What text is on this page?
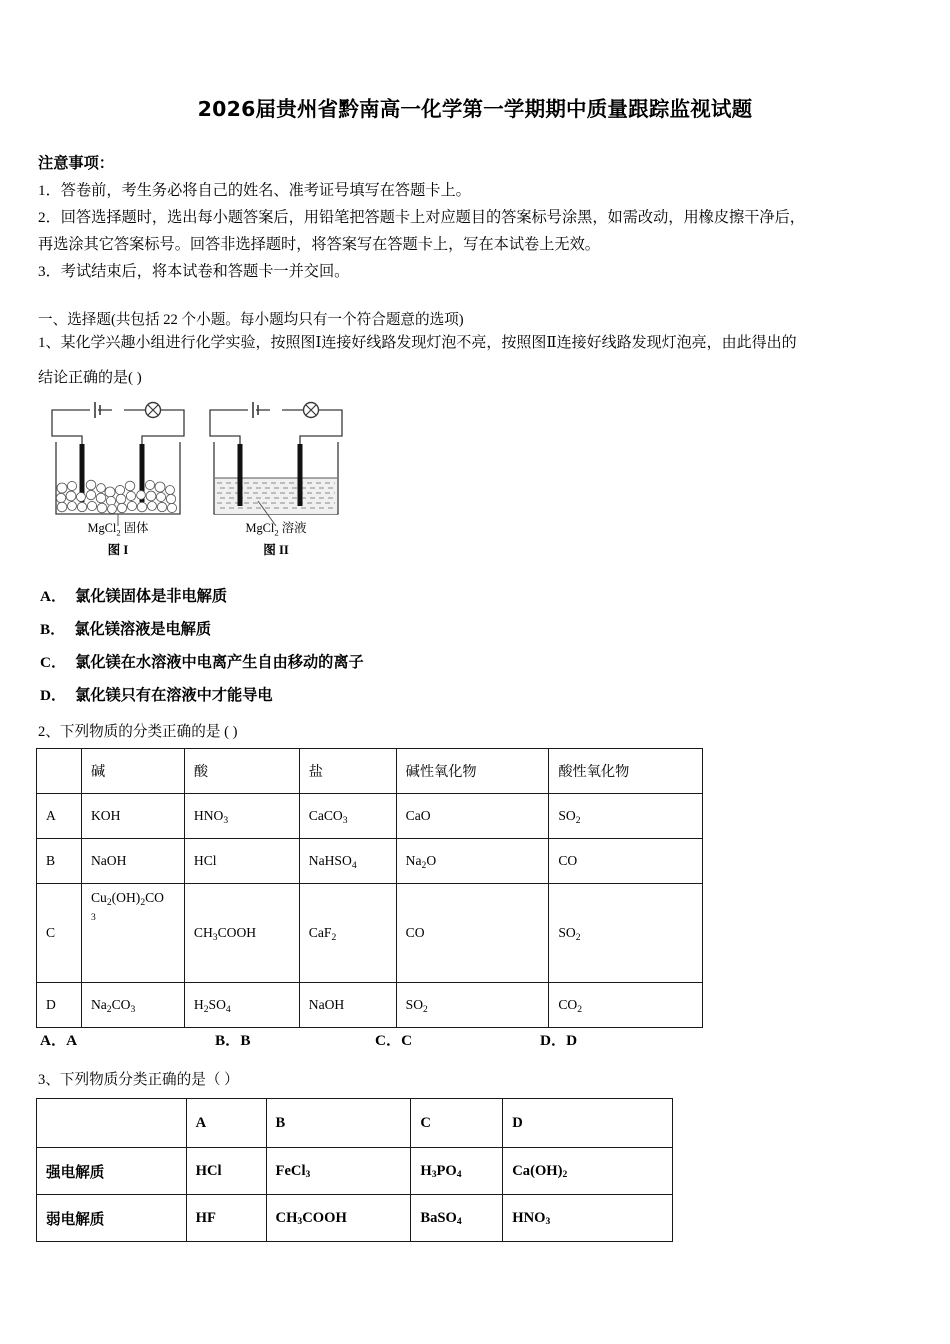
2026届贵州省黔南高一化学第一学期期中质量跟踪监视试题
注意事项：
1．答卷前，考生务必将自己的姓名、准考证号填写在答题卡上。
2．回答选择题时，选出每小题答案后，用铅笔把答题卡上对应题目的答案标号涂黑，如需改动，用橡皮擦干净后，
再选涂其它答案标号。回答非选择题时，将答案写在答题卡上，写在本试卷上无效。
3．考试结束后，将本试卷和答题卡一并交回。
一、选择题(共包括 22 个小题。每小题均只有一个符合题意的选项)
1、某化学兴趣小组进行化学实验，按照图Ⅰ连接好线路发现灯泡不亮，按照图Ⅱ连接好线路发现灯泡亮，由此得出的
结论正确的是( )
MgCl$_2$ 固体
图 I
MgCl$_2$ 溶液
图 II
A． 氯化镁固体是非电解质
B． 氯化镁溶液是电解质
C． 氯化镁在水溶液中电离产生自由移动的离子
D． 氯化镁只有在溶液中才能导电
2、下列物质的分类正确的是 ( )
	碱	酸	盐	碱性氧化物	酸性氧化物
A	KOH	$HNO_3$	CaCO$_3$	CaO	$SO_2$
B	NaOH	HCl	NaHSO$_4$	$Na_2O$	CO
C	$Cu_2(OH)_2CO$
$_3$	$CH_3COOH$	CaF$_2$	CO	$SO_2$
D	$Na_2CO_3$	$H_2SO_4$	NaOH	$SO_2$	$CO_2$
A．A	B．B	C．C	D．D
3、下列物质分类正确的是（ ）
	A	B	C	D
强电解质	HCl	FeCl$_3$	$H_3PO_4$	$Ca(OH)_2$
弱电解质	HF	$CH_3COOH$	BaSO$_4$	$HNO_3$
